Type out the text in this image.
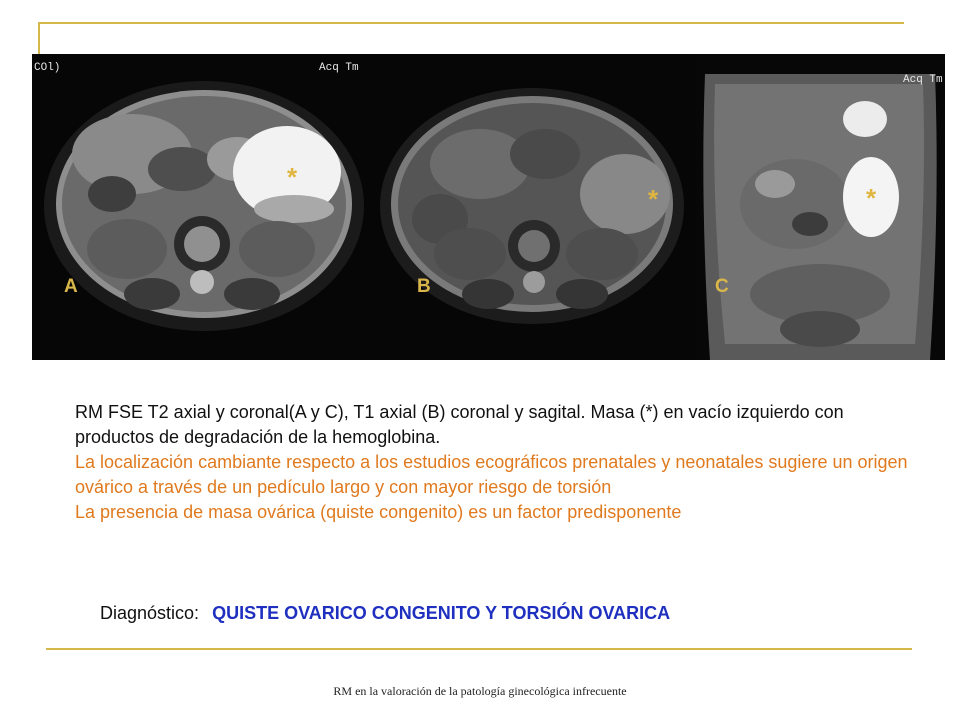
COl)	Acq Tm
*
A
*
B
Acq Tm
*
C

RM FSE T2 axial y coronal(A y C), T1 axial (B) coronal y sagital. Masa (*) en vacío izquierdo con productos de degradación de la hemoglobina.

La localización cambiante respecto a los estudios ecográficos prenatales y neonatales sugiere un origen ovárico a través de un pedículo largo y con mayor riesgo de torsión

La presencia de masa ovárica (quiste congenito) es un factor predisponente

Diagnóstico: QUISTE OVARICO CONGENITO Y TORSIÓN OVARICA
RM en la valoración de la patología ginecológica infrecuente
